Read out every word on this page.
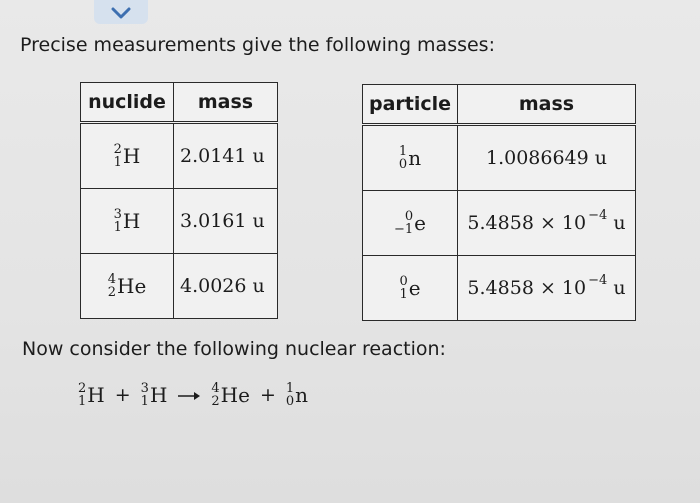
Precise measurements give the following masses:
nuclide	mass

2
1 H	2.0141 u

3
1 H	3.0161 u

4
2 He	4.0026 u
particle	mass

1
0 n	1.0086649 u

0
−1 e	5.4858 × 10 $^{-4}$ u

0
1 e	5.4858 × 10 $^{-4}$ u
Now consider the following nuclear reaction:
2
1 H + 3
1 H → 4
2 He + 1
0 n
